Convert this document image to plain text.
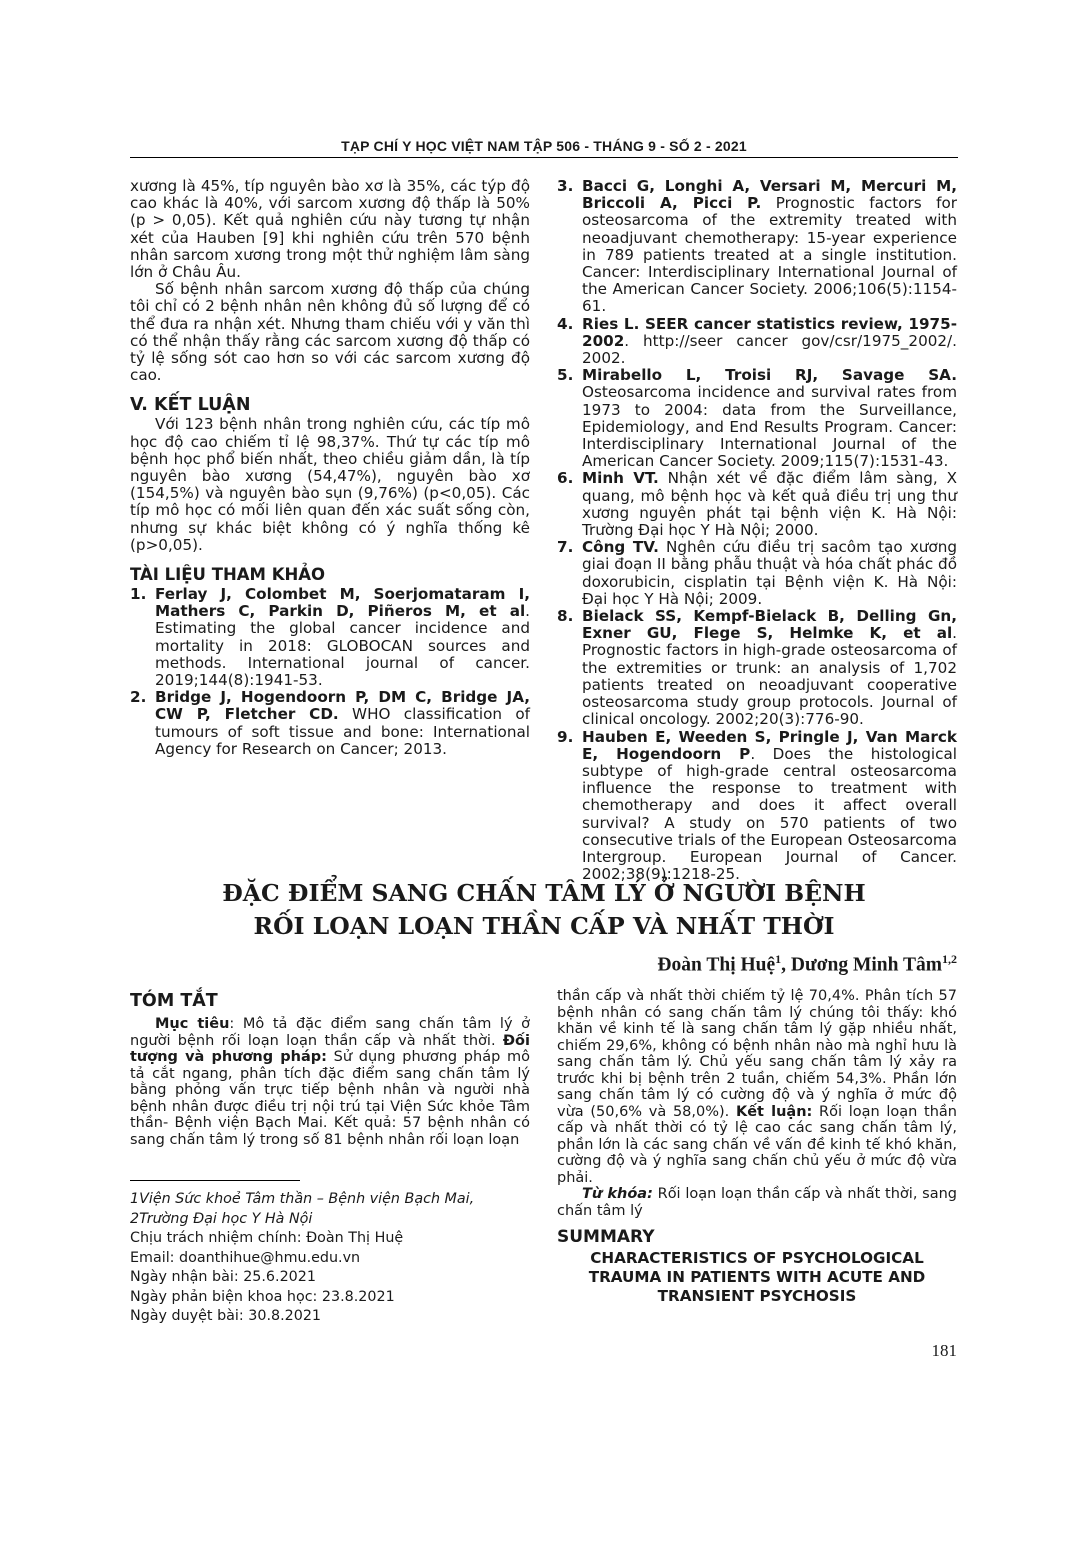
TẠP CHÍ Y HỌC VIỆT NAM TẬP 506 - THÁNG 9 - SỐ 2 - 2021

xương là 45%, típ nguyên bào xơ là 35%, các týp độ cao khác là 40%, với sarcom xương độ thấp là 50% (p > 0,05). Kết quả nghiên cứu này tương tự nhận xét của Hauben [9] khi nghiên cứu trên 570 bệnh nhân sarcom xương trong một thử nghiệm lâm sàng lớn ở Châu Âu.

Số bệnh nhân sarcom xương độ thấp của chúng tôi chỉ có 2 bệnh nhân nên không đủ số lượng để có thể đưa ra nhận xét. Nhưng tham chiếu với y văn thì có thể nhận thấy rằng các sarcom xương độ thấp có tỷ lệ sống sót cao hơn so với các sarcom xương độ cao.

V. KẾT LUẬN

Với 123 bệnh nhân trong nghiên cứu, các típ mô học độ cao chiếm tỉ lệ 98,37%. Thứ tự các típ mô bệnh học phổ biến nhất, theo chiều giảm dần, là típ nguyên bào xương (54,47%), nguyên bào xơ (154,5%) và nguyên bào sụn (9,76%) (p<0,05). Các típ mô học có mối liên quan đến xác suất sống còn, nhưng sự khác biệt không có ý nghĩa thống kê (p>0,05).

TÀI LIỆU THAM KHẢO

1. Ferlay J, Colombet M, Soerjomataram I, Mathers C, Parkin D, Piñeros M, et al. Estimating the global cancer incidence and mortality in 2018: GLOBOCAN sources and methods. International journal of cancer. 2019;144(8):1941-53.

2. Bridge J, Hogendoorn P, DM C, Bridge JA, CW P, Fletcher CD. WHO classification of tumours of soft tissue and bone: International Agency for Research on Cancer; 2013.

3. Bacci G, Longhi A, Versari M, Mercuri M, Briccoli A, Picci P. Prognostic factors for osteosarcoma of the extremity treated with neoadjuvant chemotherapy: 15-year experience in 789 patients treated at a single institution. Cancer: Interdisciplinary International Journal of the American Cancer Society. 2006;106(5):1154-61.

4. Ries L. SEER cancer statistics review, 1975-2002. http://seer cancer gov/csr/1975_2002/. 2002.

5. Mirabello L, Troisi RJ, Savage SA. Osteosarcoma incidence and survival rates from 1973 to 2004: data from the Surveillance, Epidemiology, and End Results Program. Cancer: Interdisciplinary International Journal of the American Cancer Society. 2009;115(7):1531-43.

6. Minh VT. Nhận xét về đặc điểm lâm sàng, X quang, mô bệnh học và kết quả điều trị ung thư xương nguyên phát tại bệnh viện K. Hà Nội: Trường Đại học Y Hà Nội; 2000.

7. Công TV. Nghên cứu điều trị sacôm tạo xương giai đoạn II bằng phẫu thuật và hóa chất phác đồ doxorubicin, cisplatin tại Bệnh viện K. Hà Nội: Đại học Y Hà Nội; 2009.

8. Bielack SS, Kempf-Bielack B, Delling Gn, Exner GU, Flege S, Helmke K, et al. Prognostic factors in high-grade osteosarcoma of the extremities or trunk: an analysis of 1,702 patients treated on neoadjuvant cooperative osteosarcoma study group protocols. Journal of clinical oncology. 2002;20(3):776-90.

9. Hauben E, Weeden S, Pringle J, Van Marck E, Hogendoorn P. Does the histological subtype of high-grade central osteosarcoma influence the response to treatment with chemotherapy and does it affect overall survival? A study on 570 patients of two consecutive trials of the European Osteosarcoma Intergroup. European Journal of Cancer. 2002;38(9):1218-25.

ĐẶC ĐIỂM SANG CHẤN TÂM LÝ Ở NGƯỜI BỆNH
RỐI LOẠN LOẠN THẦN CẤP VÀ NHẤT THỜI
Đoàn Thị Huệ$^1$, Dương Minh Tâm$^{1,2}$

TÓM TẮT

Mục tiêu: Mô tả đặc điểm sang chấn tâm lý ở người bệnh rối loạn loạn thần cấp và nhất thời. Đối tượng và phương pháp: Sử dụng phương pháp mô tả cắt ngang, phân tích đặc điểm sang chấn tâm lý bằng phỏng vấn trực tiếp bệnh nhân và người nhà bệnh nhân được điều trị nội trú tại Viện Sức khỏe Tâm thần- Bệnh viện Bạch Mai. Kết quả: 57 bệnh nhân có sang chấn tâm lý trong số 81 bệnh nhân rối loạn loạn

1Viện Sức khoẻ Tâm thần – Bệnh viện Bạch Mai,
2Trường Đại học Y Hà Nội
Chịu trách nhiệm chính: Đoàn Thị Huệ
Email: doanthihue@hmu.edu.vn
Ngày nhận bài: 25.6.2021
Ngày phản biện khoa học: 23.8.2021
Ngày duyệt bài: 30.8.2021

thần cấp và nhất thời chiếm tỷ lệ 70,4%. Phân tích 57 bệnh nhân có sang chấn tâm lý chúng tôi thấy: khó khăn về kinh tế là sang chấn tâm lý gặp nhiều nhất, chiếm 29,6%, không có bệnh nhân nào mà nghỉ hưu là sang chấn tâm lý. Chủ yếu sang chấn tâm lý xảy ra trước khi bị bệnh trên 2 tuần, chiếm 54,3%. Phần lớn sang chấn tâm lý có cường độ và ý nghĩa ở mức độ vừa (50,6% và 58,0%). Kết luận: Rối loạn loạn thần cấp và nhất thời có tỷ lệ cao các sang chấn tâm lý, phần lớn là các sang chấn về vấn đề kinh tế khó khăn, cường độ và ý nghĩa sang chấn chủ yếu ở mức độ vừa phải.

Từ khóa: Rối loạn loạn thần cấp và nhất thời, sang chấn tâm lý

SUMMARY

CHARACTERISTICS OF PSYCHOLOGICAL TRAUMA IN PATIENTS WITH ACUTE AND TRANSIENT PSYCHOSIS

181
